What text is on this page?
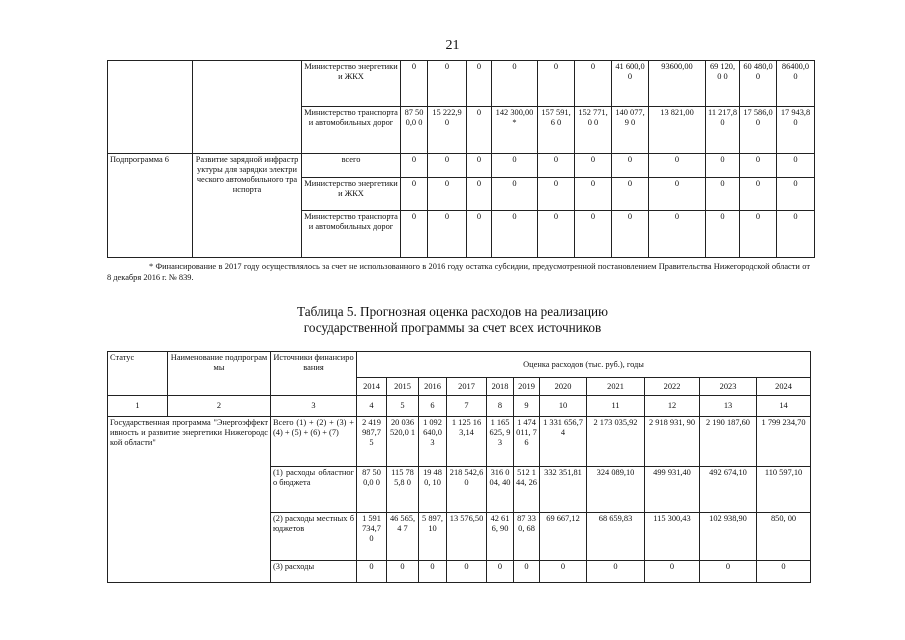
21
		Министерство энергетики и ЖКХ	0	0	0	0	0	0	41 600,0 0	93600,00	69 120,0 0	60 480,00	86400,0 0
		Министерство транспорта и автомобильных дорог	87 500,0 0	15 222,9 0	0	142 300,00 *	157 591,6 0	152 771,0 0	140 077,9 0	13 821,00	11 217,8 0	17 586,00	17 943,80
Подпрограмма 6	Развитие зарядной инфраструктуры для зарядки электрического автомобильного транспорта	всего	0	0	0	0	0	0	0	0	0	0	0
		Министерство энергетики и ЖКХ	0	0	0	0	0	0	0	0	0	0	0
		Министерство транспорта и автомобильных дорог	0	0	0	0	0	0	0	0	0	0	0
* Финансирование в 2017 году осуществлялось за счет не использованного в 2016 году остатка субсидии, предусмотренной постановлением Правительства Нижегородской области от 8 декабря 2016 г. № 839.
Таблица 5. Прогнозная оценка расходов на реализацию
государственной программы за счет всех источников
Статус	Наименование подпрограммы	Источники финансирования	Оценка расходов (тыс. руб.), годы										
			2014	2015	2016	2017	2018	2019	2020	2021	2022	2023	2024
1	2	3	4	5	6	7	8	9	10	11	12	13	14
Государственная программа "Энергоэффективность и развитие энергетики Нижегородской области"		Всего (1) + (2) + (3) + (4) + (5) + (6) + (7)	2 419 987,7 5	20 036 520,0 1	1 092 640,0 3	1 125 163,14	1 165 625, 93	1 474 011, 76	1 331 656,74	2 173 035,92	2 918 931, 90	2 190 187,60	1 799 234,70
		(1) расходы областного бюджета	87 500,0 0	115 785,8 0	19 480, 10	218 542,60	316 004, 40	512 144, 26	332 351,81	324 089,10	499 931,40	492 674,10	110 597,10
		(2) расходы местных бюджетов	1 591 734,7 0	46 565,4 7	5 897, 10	13 576,50	42 616, 90	87 330, 68	69 667,12	68 659,83	115 300,43	102 938,90	850, 00
		(3) расходы	0	0	0	0	0	0	0	0	0	0	0
